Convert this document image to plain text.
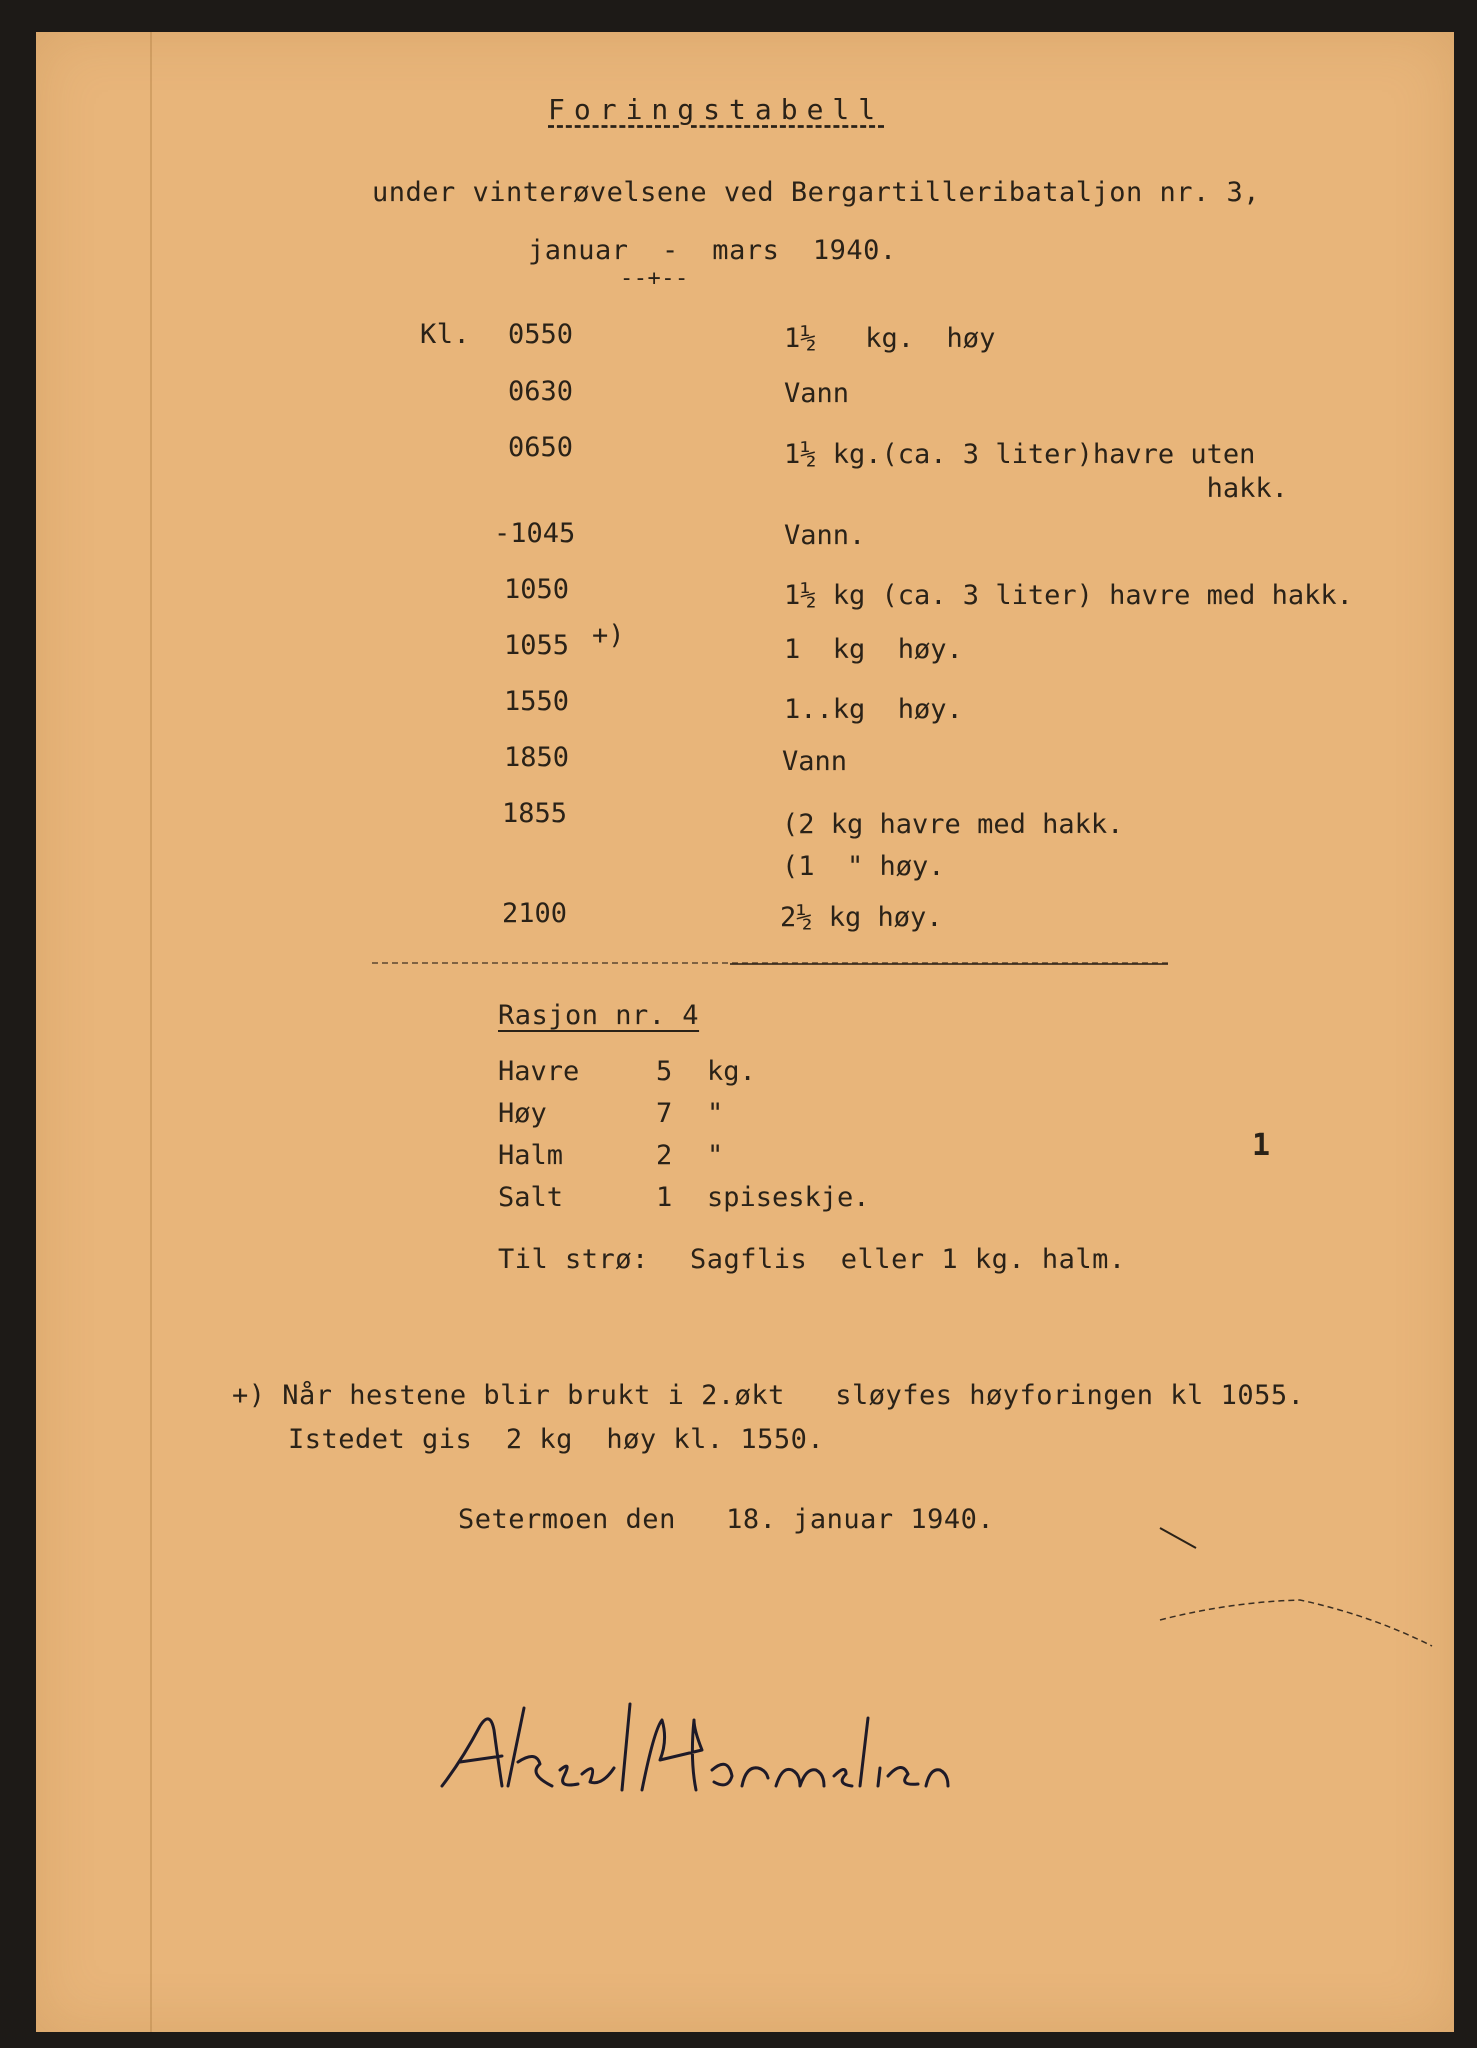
Foringstabell
under vinterøvelsene ved Bergartilleribataljon nr. 3,
januar  -  mars  1940.
--+--
Kl. 0550	1½   kg.  høy
0630	Vann
0650	1½ kg.(ca. 3 liter)havre uten
hakk.
-1045	Vann.
1050	1½ kg (ca. 3 liter) havre med hakk.
1055 +)	1  kg  høy.
1550	1..kg  høy.
1850	Vann
1855	(2 kg havre med hakk.
(1  " høy.
2100	2½ kg høy.
Rasjon nr. 4
Havre	5 kg.
Høy	7 "
Halm	2 "
Salt	1 spiseskje.
Til strø: Sagflis  eller 1 kg. halm.
1
+) Når hestene blir brukt i 2.økt   sløyfes høyforingen kl 1055.
Istedet gis  2 kg  høy kl. 1550.
Setermoen den   18. januar 1940.
